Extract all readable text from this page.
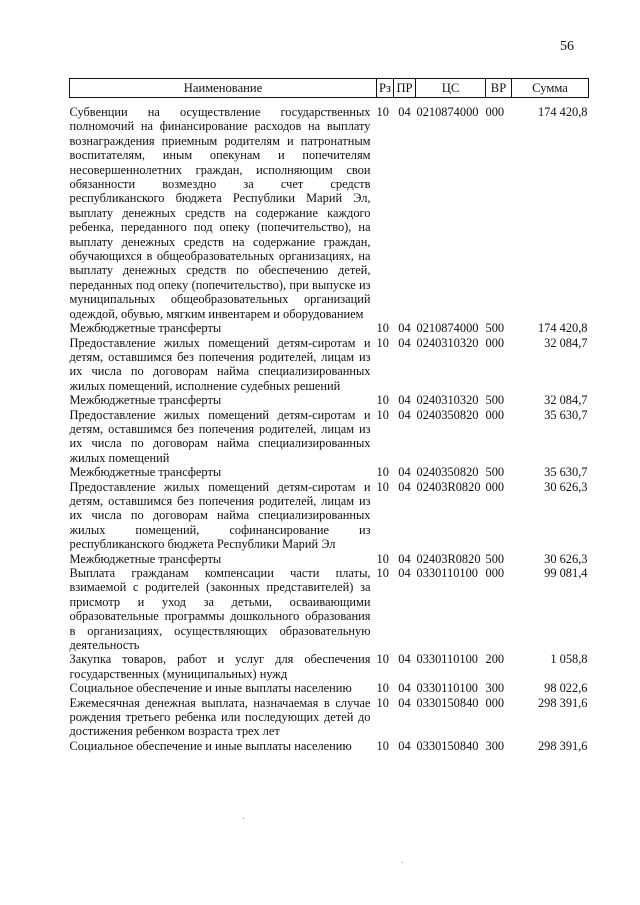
56
Наименование	Рз	ПР	ЦС	ВР	Сумма

Субвенции на осуществление государственных полномочий на финансирование расходов на выплату вознаграждения приемным родителям и патронатным воспитателям, иным опекунам и попечителям несовершеннолетних граждан, исполняющим свои обязанности возмездно за счет средств республиканского бюджета Республики Марий Эл, выплату денежных средств на содержание каждого ребенка, переданного под опеку (попечительство), на выплату денежных средств на содержание граждан, обучающихся в общеобразовательных организациях, на выплату денежных средств по обеспечению детей, переданных под опеку (попечительство), при выпуске из муниципальных общеобразовательных организаций одеждой, обувью, мягким инвентарем и оборудованием	10	04	0210874000	000	174 420,8
Межбюджетные трансферты	10	04	0210874000	500	174 420,8
Предоставление жилых помещений детям-сиротам и детям, оставшимся без попечения родителей, лицам из их числа по договорам найма специализированных жилых помещений, исполнение судебных решений	10	04	0240310320	000	32 084,7
Межбюджетные трансферты	10	04	0240310320	500	32 084,7
Предоставление жилых помещений детям-сиротам и детям, оставшимся без попечения родителей, лицам из их числа по договорам найма специализированных жилых помещений	10	04	0240350820	000	35 630,7
Межбюджетные трансферты	10	04	0240350820	500	35 630,7
Предоставление жилых помещений детям-сиротам и детям, оставшимся без попечения родителей, лицам из их числа по договорам найма специализированных жилых помещений, софинансирование из республиканского бюджета Республики Марий Эл	10	04	02403R0820	000	30 626,3
Межбюджетные трансферты	10	04	02403R0820	500	30 626,3
Выплата гражданам компенсации части платы, взимаемой с родителей (законных представителей) за присмотр и уход за детьми, осваивающими образовательные программы дошкольного образования в организациях, осуществляющих образовательную деятельность	10	04	0330110100	000	99 081,4
Закупка товаров, работ и услуг для обеспечения государственных (муниципальных) нужд	10	04	0330110100	200	1 058,8
Социальное обеспечение и иные выплаты населению	10	04	0330110100	300	98 022,6
Ежемесячная денежная выплата, назначаемая в случае рождения третьего ребенка или последующих детей до достижения ребенком возраста трех лет	10	04	0330150840	000	298 391,6
Социальное обеспечение и иные выплаты населению	10	04	0330150840	300	298 391,6
